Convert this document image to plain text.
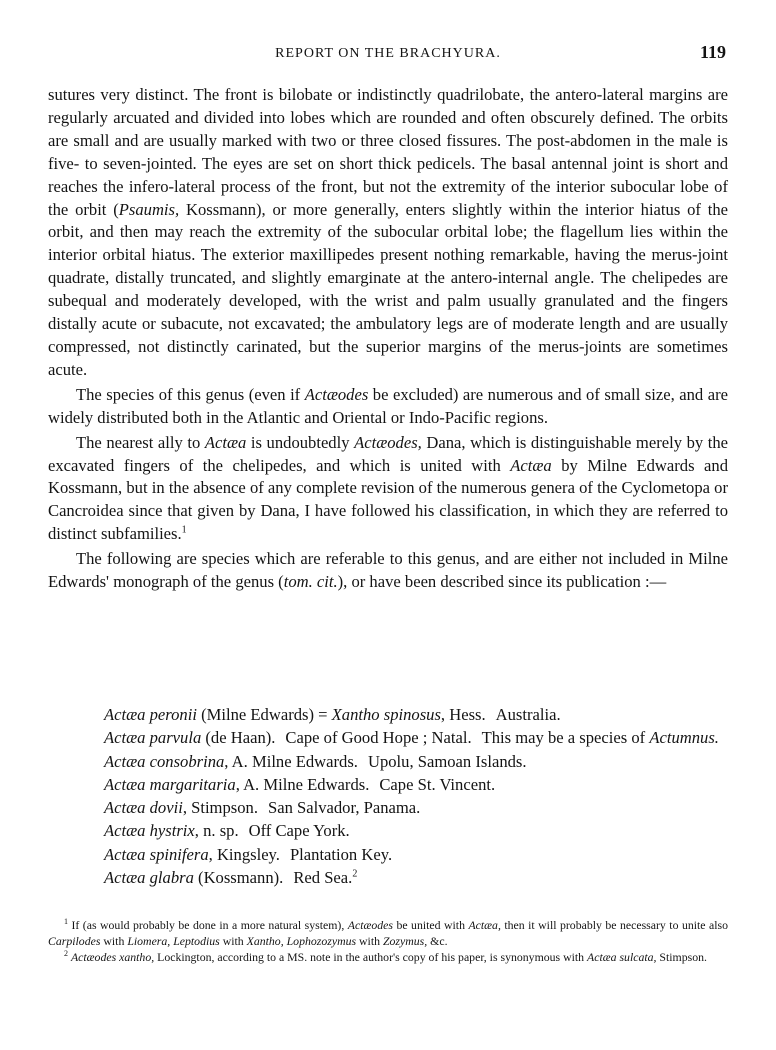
REPORT ON THE BRACHYURA.	119

sutures very distinct. The front is bilobate or indistinctly quadrilobate, the antero-lateral margins are regularly arcuated and divided into lobes which are rounded and often obscurely defined. The orbits are small and are usually marked with two or three closed fissures. The post-abdomen in the male is five- to seven-jointed. The eyes are set on short thick pedicels. The basal antennal joint is short and reaches the infero-lateral process of the front, but not the extremity of the interior subocular lobe of the orbit (Psaumis, Kossmann), or more generally, enters slightly within the interior hiatus of the orbit, and then may reach the extremity of the subocular orbital lobe; the flagellum lies within the interior orbital hiatus. The exterior maxillipedes present nothing remarkable, having the merus-joint quadrate, distally truncated, and slightly emarginate at the antero-internal angle. The chelipedes are subequal and moderately developed, with the wrist and palm usually granulated and the fingers distally acute or subacute, not excavated; the ambulatory legs are of moderate length and are usually compressed, not distinctly carinated, but the superior margins of the merus-joints are sometimes acute.

The species of this genus (even if Actæodes be excluded) are numerous and of small size, and are widely distributed both in the Atlantic and Oriental or Indo-Pacific regions.

The nearest ally to Actæa is undoubtedly Actæodes, Dana, which is distinguishable merely by the excavated fingers of the chelipedes, and which is united with Actæa by Milne Edwards and Kossmann, but in the absence of any complete revision of the numerous genera of the Cyclometopa or Cancroidea since that given by Dana, I have followed his classification, in which they are referred to distinct subfamilies.$^1$

The following are species which are referable to this genus, and are either not included in Milne Edwards' monograph of the genus (tom. cit.), or have been described since its publication :—

Actæa peronii (Milne Edwards) = Xantho spinosus, Hess. Australia.

Actæa parvula (de Haan). Cape of Good Hope ; Natal. This may be a species of Actumnus.

Actæa consobrina, A. Milne Edwards. Upolu, Samoan Islands.

Actæa margaritaria, A. Milne Edwards. Cape St. Vincent.

Actæa dovii, Stimpson. San Salvador, Panama.

Actæa hystrix, n. sp. Off Cape York.

Actæa spinifera, Kingsley. Plantation Key.

Actæa glabra (Kossmann). Red Sea.$^2$

$^1$ If (as would probably be done in a more natural system), Actæodes be united with Actæa, then it will probably be necessary to unite also Carpilodes with Liomera, Leptodius with Xantho, Lophozozymus with Zozymus, &c.

$^2$ Actæodes xantho, Lockington, according to a MS. note in the author's copy of his paper, is synonymous with Actæa sulcata, Stimpson.
